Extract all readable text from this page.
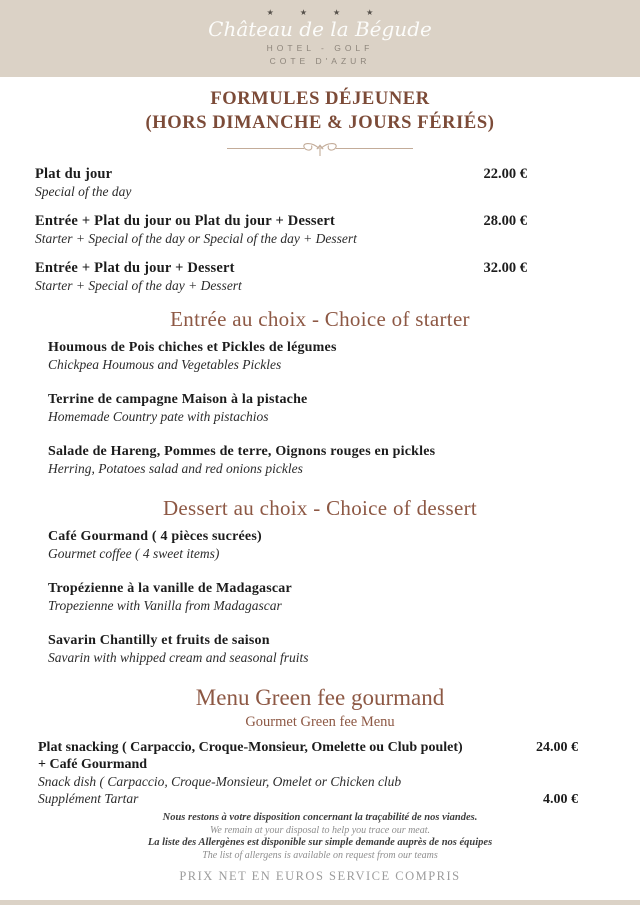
★ ★ ★ ★
Château de la Bégude
HOTEL - GOLF
COTE D'AZUR
FORMULES DÉJEUNER
(HORS DIMANCHE & JOURS FÉRIÉS)
Plat du jour	22.00 €
Special of the day
Entrée + Plat du jour ou Plat du jour + Dessert	28.00 €
Starter + Special of the day or Special of the day + Dessert
Entrée + Plat du jour + Dessert	32.00 €
Starter + Special of the day + Dessert
Entrée au choix - Choice of starter
Houmous de Pois chiches et Pickles de légumes
Chickpea Houmous and Vegetables Pickles
Terrine de campagne Maison à la pistache
Homemade Country pate with pistachios
Salade de Hareng, Pommes de terre, Oignons rouges en pickles
Herring, Potatoes salad and red onions pickles
Dessert au choix - Choice of dessert
Café Gourmand ( 4 pièces sucrées)
Gourmet coffee ( 4 sweet items)
Tropézienne à la vanille de Madagascar
Tropezienne with Vanilla from Madagascar
Savarin Chantilly et fruits de saison
Savarin with whipped cream and seasonal fruits
Menu Green fee gourmand
Gourmet Green fee Menu
Plat snacking ( Carpaccio, Croque-Monsieur, Omelette ou Club poulet)	24.00 €
+ Café Gourmand
Snack dish ( Carpaccio, Croque-Monsieur, Omelet or Chicken club
Supplément Tartar	4.00 €
Nous restons à votre disposition concernant la traçabilité de nos viandes.
We remain at your disposal to help you trace our meat.
La liste des Allergènes est disponible sur simple demande auprès de nos équipes
The list of allergens is available on request from our teams
PRIX NET EN EUROS SERVICE COMPRIS
